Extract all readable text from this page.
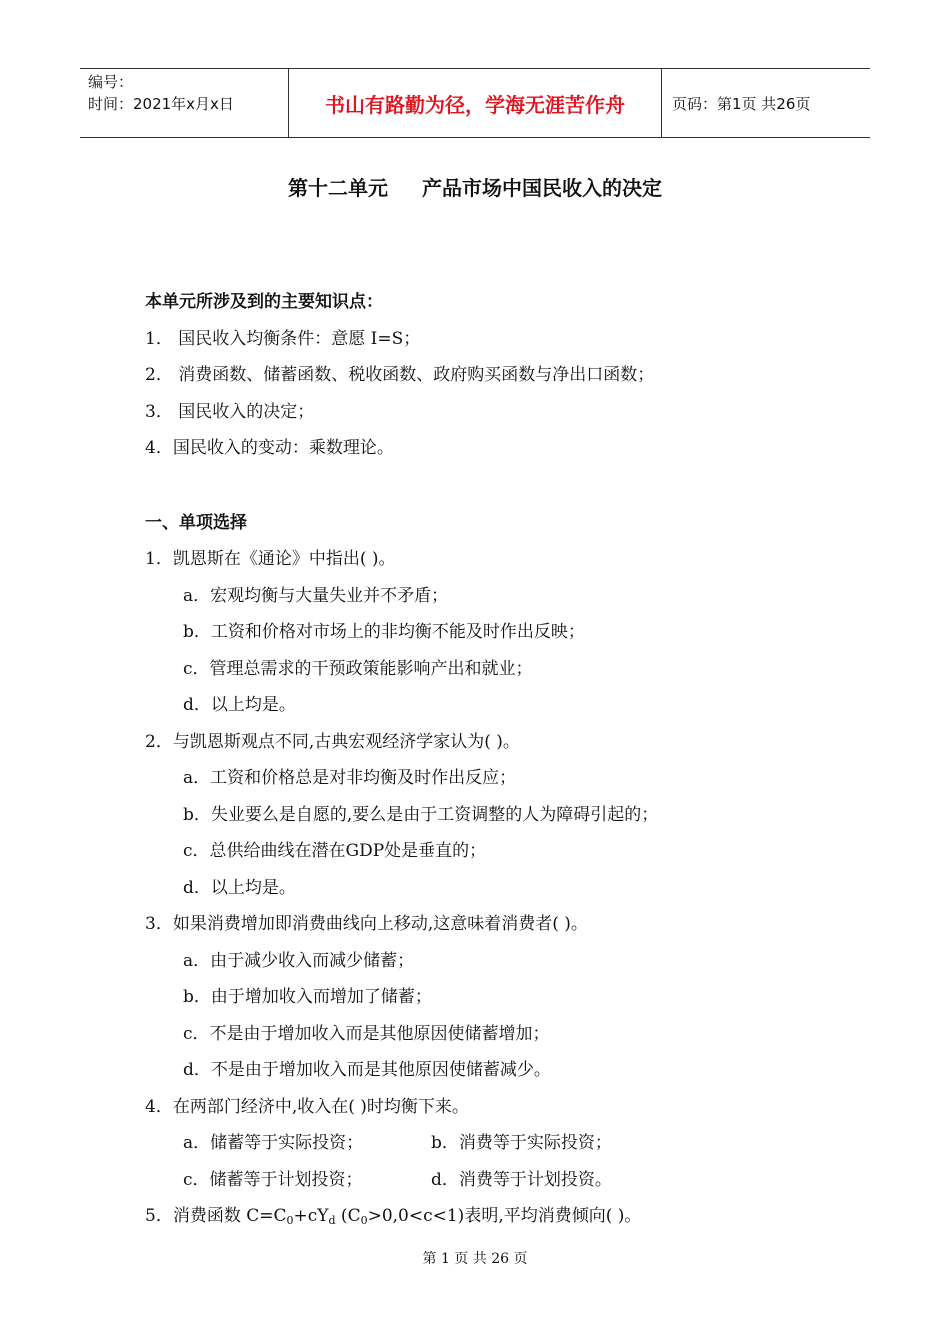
编号：
时间：2021年x月x日	书山有路勤为径，学海无涯苦作舟	页码：第1页 共26页
第十二单元 产品市场中国民收入的决定
本单元所涉及到的主要知识点：
1． 国民收入均衡条件：意愿 I=S；
2． 消费函数、储蓄函数、税收函数、政府购买函数与净出口函数；
3． 国民收入的决定；
4．国民收入的变动：乘数理论。
一、单项选择
1．凯恩斯在《通论》中指出( )。
a．宏观均衡与大量失业并不矛盾；
b．工资和价格对市场上的非均衡不能及时作出反映；
c．管理总需求的干预政策能影响产出和就业；
d．以上均是。
2．与凯恩斯观点不同,古典宏观经济学家认为( )。
a．工资和价格总是对非均衡及时作出反应；
b．失业要么是自愿的,要么是由于工资调整的人为障碍引起的；
c．总供给曲线在潜在GDP处是垂直的；
d．以上均是。
3．如果消费增加即消费曲线向上移动,这意味着消费者( )。
a．由于减少收入而减少储蓄；
b．由于增加收入而增加了储蓄；
c．不是由于增加收入而是其他原因使储蓄增加；
d．不是由于增加收入而是其他原因使储蓄减少。
4．在两部门经济中,收入在( )时均衡下来。
a．储蓄等于实际投资；	b．消费等于实际投资；
c．储蓄等于计划投资；	d．消费等于计划投资。
5．消费函数 $C=C_0+cY_d$ $(C_0>0,0<c<1)$表明,平均消费倾向( )。
第 1 页 共 26 页
